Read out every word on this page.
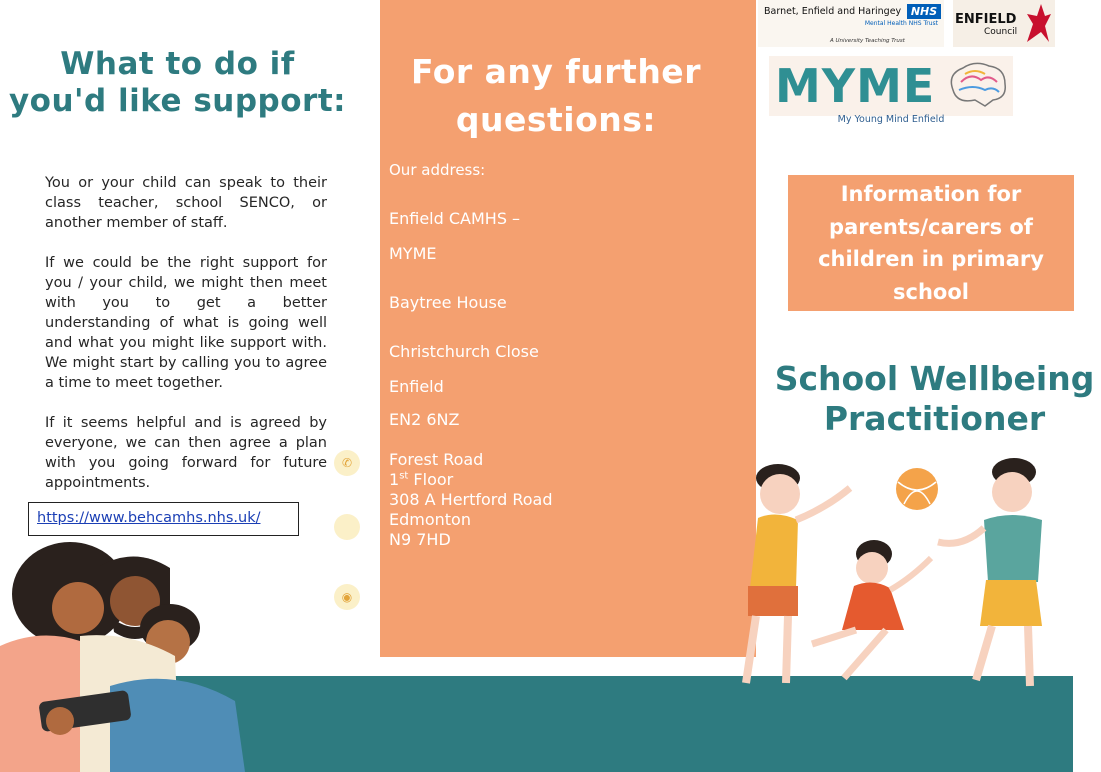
What to do if
you'd like support:
You or your child can speak to their class teacher, school SENCO, or another member of staff.
If we could be the right support for you / your child, we might then meet with you to get a better understanding of what is going well and what you might like support with. We might start by calling you to agree a time to meet together.
If it seems helpful and is agreed by everyone, we can then agree a plan with you going forward for future appointments.
https://www.behcamhs.nhs.uk/
✆
◉
For any further
questions:
Our address:
Enfield CAMHS –
MYME
Baytree House
Christchurch Close
Enfield
EN2 6NZ
Forest Road
1st Floor
308 A Hertford Road
Edmonton
N9 7HD
Barnet, Enfield and Haringey NHS
Mental Health NHS Trust
A University Teaching Trust
ENFIELD
Council
MYME
My Young Mind Enfield
Information for
parents/carers of
children in primary
school
School Wellbeing
Practitioner
